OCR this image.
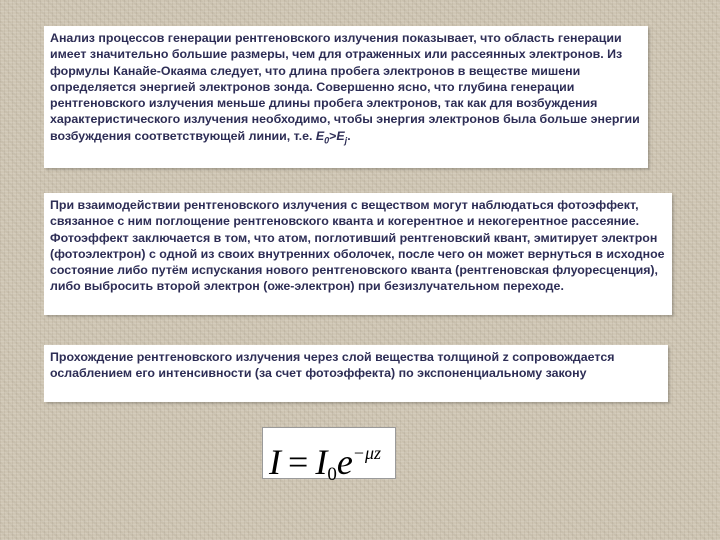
Анализ процессов генерации рентгеновского излучения показывает, что область генерации имеет значительно большие размеры, чем для отраженных или рассеянных электронов. Из формулы Канайе-Окаяма следует, что длина пробега электронов в веществе мишени определяется энергией электронов зонда. Совершенно ясно, что глубина генерации рентгеновского излучения меньше длины пробега электронов, так как для возбуждения характеристического излучения необходимо, чтобы энергия электронов была больше энергии возбуждения соответствующей линии, т.е. $E_0>E_j$.
При взаимодействии рентгеновского излучения с веществом могут наблюдаться фотоэффект, связанное с ним поглощение рентгеновского кванта и когерентное и некогерентное рассеяние. Фотоэффект заключается в том, что атом, поглотивший рентгеновский квант, эмитирует электрон (фотоэлектрон) с одной из своих внутренних оболочек, после чего он может вернуться в исходное состояние либо путём испускания нового рентгеновского кванта (рентгеновская флуоресценция), либо выбросить второй электрон (оже-электрон) при безизлучательном переходе.
Прохождение рентгеновского излучения через слой вещества толщиной z сопровождается ослаблением его интенсивности (за счет фотоэффекта) по экспоненциальному закону
$I = I_0e^{-\mu z}$
